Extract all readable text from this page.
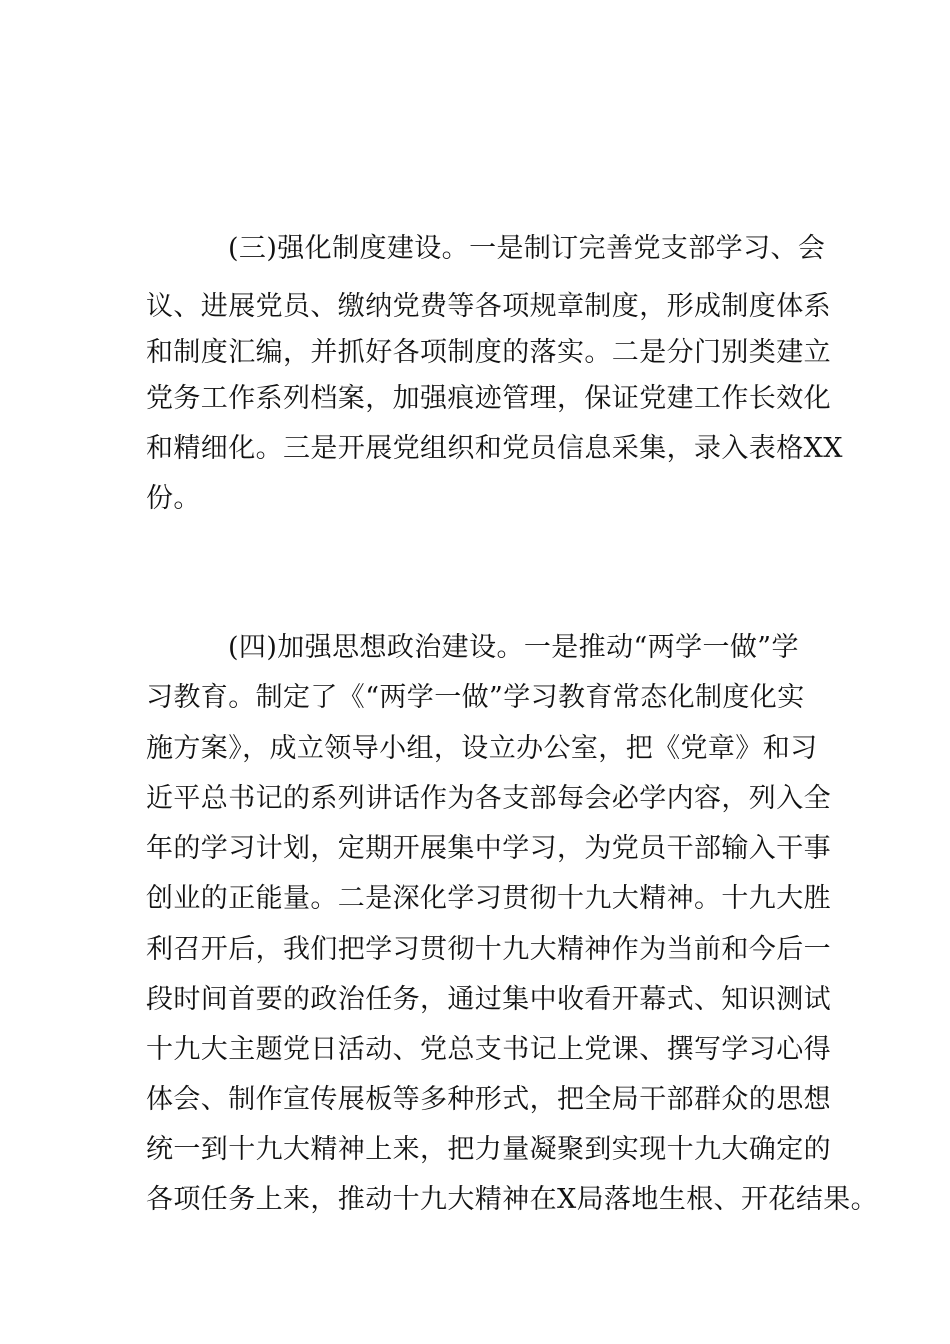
(三)强化制度建设。一是制订完善党支部学习、会
议、进展党员、缴纳党费等各项规章制度，形成制度体系
和制度汇编，并抓好各项制度的落实。二是分门别类建立
党务工作系列档案，加强痕迹管理，保证党建工作长效化
和精细化。三是开展党组织和党员信息采集，录入表格XX
份。
(四)加强思想政治建设。一是推动“两学一做”学
习教育。制定了《“两学一做”学习教育常态化制度化实
施方案》，成立领导小组，设立办公室，把《党章》和习
近平总书记的系列讲话作为各支部每会必学内容，列入全
年的学习计划，定期开展集中学习，为党员干部输入干事
创业的正能量。二是深化学习贯彻十九大精神。十九大胜
利召开后，我们把学习贯彻十九大精神作为当前和今后一
段时间首要的政治任务，通过集中收看开幕式、知识测试
十九大主题党日活动、党总支书记上党课、撰写学习心得
体会、制作宣传展板等多种形式，把全局干部群众的思想
统一到十九大精神上来，把力量凝聚到实现十九大确定的
各项任务上来，推动十九大精神在X局落地生根、开花结果。
